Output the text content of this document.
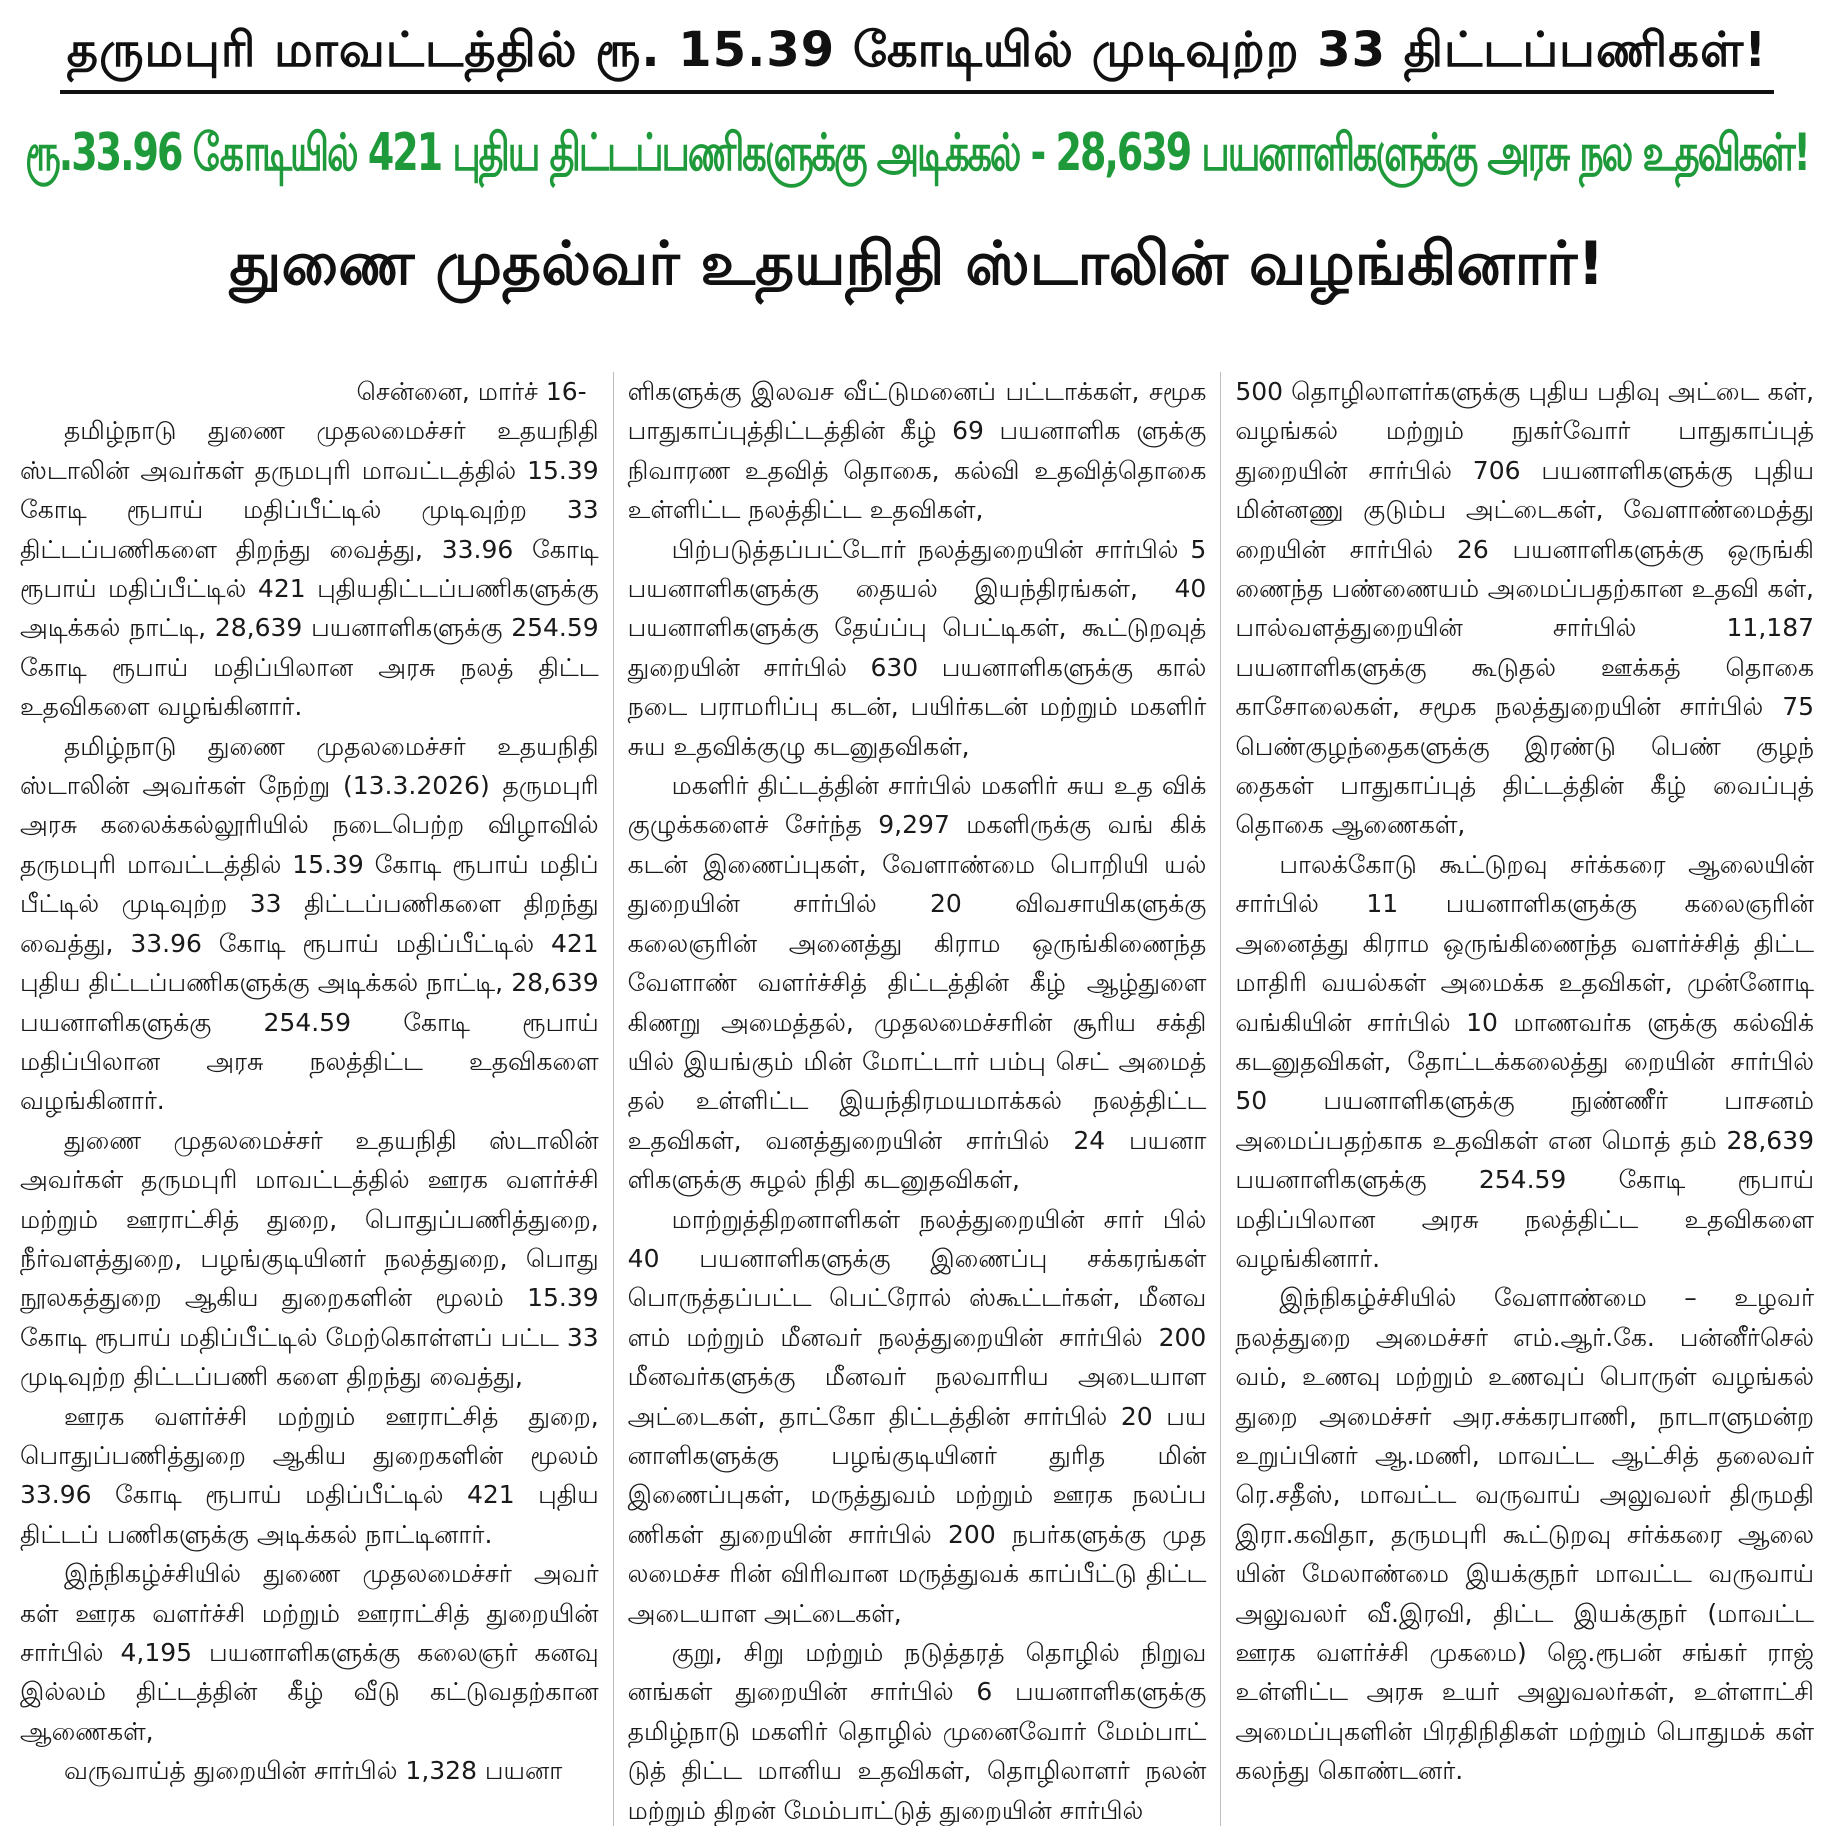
தருமபுரி மாவட்டத்தில் ரூ. 15.39 கோடியில் முடிவுற்ற 33 திட்டப்பணிகள்!
ரூ.33.96 கோடியில் 421 புதிய திட்டப்பணிகளுக்கு அடிக்கல் - 28,639 பயனாளிகளுக்கு அரசு நல உதவிகள்!
துணை முதல்வர் உதயநிதி ஸ்டாலின் வழங்கினார்!

சென்னை, மார்ச் 16-

தமிழ்நாடு துணை முதலமைச்சர் உதயநிதி ஸ்டாலின் அவர்கள் தருமபுரி மாவட்டத்தில் 15.39 கோடி ரூபாய் மதிப்பீட்டில் முடிவுற்ற 33 திட்டப்பணிகளை திறந்து வைத்து, 33.96 கோடி ரூபாய் மதிப்பீட்டில் 421 புதியதிட்டப்பணிகளுக்கு அடிக்கல் நாட்டி, 28,639 பயனாளிகளுக்கு 254.59 கோடி ரூபாய் மதிப்பிலான அரசு நலத் திட்ட உதவிகளை வழங்கினார்.

தமிழ்நாடு துணை முதலமைச்சர் உதயநிதி ஸ்டாலின் அவர்கள் நேற்று (13.3.2026) தருமபுரி அரசு கலைக்கல்லூரியில் நடைபெற்ற விழாவில் தருமபுரி மாவட்டத்தில் 15.39 கோடி ரூபாய் மதிப் பீட்டில் முடிவுற்ற 33 திட்டப்பணிகளை திறந்து வைத்து, 33.96 கோடி ரூபாய் மதிப்பீட்டில் 421 புதிய திட்டப்பணிகளுக்கு அடிக்கல் நாட்டி, 28,639 பயனாளிகளுக்கு 254.59 கோடி ரூபாய் மதிப்பிலான அரசு நலத்திட்ட உதவிகளை வழங்கினார்.

துணை முதலமைச்சர் உதயநிதி ஸ்டாலின் அவர்கள் தருமபுரி மாவட்டத்தில் ஊரக வளர்ச்சி மற்றும் ஊராட்சித் துறை, பொதுப்பணித்துறை, நீர்வளத்துறை, பழங்குடியினர் நலத்துறை, பொது நூலகத்துறை ஆகிய துறைகளின் மூலம் 15.39 கோடி ரூபாய் மதிப்பீட்டில் மேற்கொள்ளப் பட்ட 33 முடிவுற்ற திட்டப்பணி களை திறந்து வைத்து,

ஊரக வளர்ச்சி மற்றும் ஊராட்சித் துறை, பொதுப்பணித்துறை ஆகிய துறைகளின் மூலம் 33.96 கோடி ரூபாய் மதிப்பீட்டில் 421 புதிய திட்டப் பணிகளுக்கு அடிக்கல் நாட்டினார்.

இந்நிகழ்ச்சியில் துணை முதலமைச்சர் அவர் கள் ஊரக வளர்ச்சி மற்றும் ஊராட்சித் துறையின் சார்பில் 4,195 பயனாளிகளுக்கு கலைஞர் கனவு இல்லம் திட்டத்தின் கீழ் வீடு கட்டுவதற்கான ஆணைகள்,

வருவாய்த் துறையின் சார்பில் 1,328 பயனா

ளிகளுக்கு இலவச வீட்டுமனைப் பட்டாக்கள், சமூக பாதுகாப்புத்திட்டத்தின் கீழ் 69 பயனாளிக ளுக்கு நிவாரண உதவித் தொகை, கல்வி உதவித்தொகை உள்ளிட்ட நலத்திட்ட உதவிகள்,

பிற்படுத்தப்பட்டோர் நலத்துறையின் சார்பில் 5 பயனாளிகளுக்கு தையல் இயந்திரங்கள், 40 பயனாளிகளுக்கு தேய்ப்பு பெட்டிகள், கூட்டுறவுத் துறையின் சார்பில் 630 பயனாளிகளுக்கு கால் நடை பராமரிப்பு கடன், பயிர்கடன் மற்றும் மகளிர் சுய உதவிக்குழு கடனுதவிகள்,

மகளிர் திட்டத்தின் சார்பில் மகளிர் சுய உத விக் குழுக்களைச் சேர்ந்த 9,297 மகளிருக்கு வங் கிக் கடன் இணைப்புகள், வேளாண்மை பொறியி யல் துறையின் சார்பில் 20 விவசாயிகளுக்கு கலைஞரின் அனைத்து கிராம ஒருங்கிணைந்த வேளாண் வளர்ச்சித் திட்டத்தின் கீழ் ஆழ்துளை கிணறு அமைத்தல், முதலமைச்சரின் சூரிய சக்தி யில் இயங்கும் மின் மோட்டார் பம்பு செட் அமைத் தல் உள்ளிட்ட இயந்திரமயமாக்கல் நலத்திட்ட உதவிகள், வனத்துறையின் சார்பில் 24 பயனா ளிகளுக்கு சுழல் நிதி கடனுதவிகள்,

மாற்றுத்திறனாளிகள் நலத்துறையின் சார் பில் 40 பயனாளிகளுக்கு இணைப்பு சக்கரங்கள் பொருத்தப்பட்ட பெட்ரோல் ஸ்கூட்டர்கள், மீனவ ளம் மற்றும் மீனவர் நலத்துறையின் சார்பில் 200 மீனவர்களுக்கு மீனவர் நலவாரிய அடையாள அட்டைகள், தாட்கோ திட்டத்தின் சார்பில் 20 பய னாளிகளுக்கு பழங்குடியினர் துரித மின் இணைப்புகள், மருத்துவம் மற்றும் ஊரக நலப்ப ணிகள் துறையின் சார்பில் 200 நபர்களுக்கு முத லமைச்ச ரின் விரிவான மருத்துவக் காப்பீட்டு திட்ட அடையாள அட்டைகள்,

குறு, சிறு மற்றும் நடுத்தரத் தொழில் நிறுவ னங்கள் துறையின் சார்பில் 6 பயனாளிகளுக்கு தமிழ்நாடு மகளிர் தொழில் முனைவோர் மேம்பாட் டுத் திட்ட மானிய உதவிகள், தொழிலாளர் நலன் மற்றும் திறன் மேம்பாட்டுத் துறையின் சார்பில்

500 தொழிலாளர்களுக்கு புதிய பதிவு அட்டை கள், வழங்கல் மற்றும் நுகர்வோர் பாதுகாப்புத் துறையின் சார்பில் 706 பயனாளிகளுக்கு புதிய மின்னணு குடும்ப அட்டைகள், வேளாண்மைத்து றையின் சார்பில் 26 பயனாளிகளுக்கு ஒருங்கி ணைந்த பண்ணையம் அமைப்பதற்கான உதவி கள், பால்வளத்துறையின் சார்பில் 11,187 பயனாளிகளுக்கு கூடுதல் ஊக்கத் தொகை காசோலைகள், சமூக நலத்துறையின் சார்பில் 75 பெண்குழந்தைகளுக்கு இரண்டு பெண் குழந் தைகள் பாதுகாப்புத் திட்டத்தின் கீழ் வைப்புத் தொகை ஆணைகள்,

பாலக்கோடு கூட்டுறவு சர்க்கரை ஆலையின் சார்பில் 11 பயனாளிகளுக்கு கலைஞரின் அனைத்து கிராம ஒருங்கிணைந்த வளர்ச்சித் திட்ட மாதிரி வயல்கள் அமைக்க உதவிகள், முன்னோடி வங்கியின் சார்பில் 10 மாணவர்க ளுக்கு கல்விக் கடனுதவிகள், தோட்டக்கலைத்து றையின் சார்பில் 50 பயனாளிகளுக்கு நுண்ணீர் பாசனம் அமைப்பதற்காக உதவிகள் என மொத் தம் 28,639 பயனாளிகளுக்கு 254.59 கோடி ரூபாய் மதிப்பிலான அரசு நலத்திட்ட உதவிகளை வழங்கினார்.

இந்நிகழ்ச்சியில் வேளாண்மை – உழவர் நலத்துறை அமைச்சர் எம்.ஆர்.கே. பன்னீர்செல் வம், உணவு மற்றும் உணவுப் பொருள் வழங்கல் துறை அமைச்சர் அர.சக்கரபாணி, நாடாளுமன்ற உறுப்பினர் ஆ.மணி, மாவட்ட ஆட்சித் தலைவர் ரெ.சதீஸ், மாவட்ட வருவாய் அலுவலர் திருமதி இரா.கவிதா, தருமபுரி கூட்டுறவு சர்க்கரை ஆலை யின் மேலாண்மை இயக்குநர் மாவட்ட வருவாய் அலுவலர் வீ.இரவி, திட்ட இயக்குநர் (மாவட்ட ஊரக வளர்ச்சி முகமை) ஜெ.ரூபன் சங்கர் ராஜ் உள்ளிட்ட அரசு உயர் அலுவலர்கள், உள்ளாட்சி அமைப்புகளின் பிரதிநிதிகள் மற்றும் பொதுமக் கள் கலந்து கொண்டனர்.
